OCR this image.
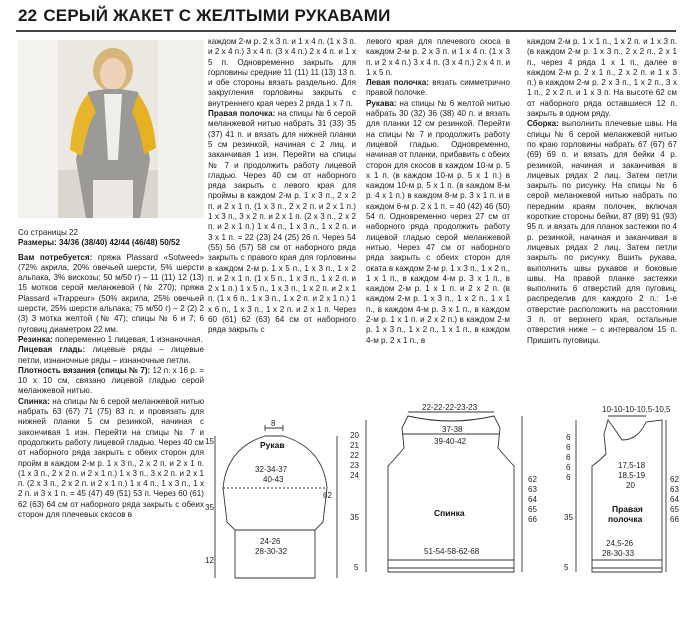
22 СЕРЫЙ ЖАКЕТ С ЖЕЛТЫМИ РУКАВАМИ

Со страницы 22

Размеры: 34/36 (38/40) 42/44 (46/48) 50/52

Вам потребуется: пряжа Plassard «Sotweed» (72% акрила, 20% овечьей шерсти, 5% шерсти альпака, 3% вискозы; 50 м/50 г) – 11 (11) 12 (13) 15 мотков серой меланжевой (№ 270); пряжа Plassard «Trappeur» (50% акрила, 25% овечьей шерсти, 25% шерсти альпака; 75 м/50 г) – 2 (2) 2 (3) 3 мотка желтой (№ 47); спицы № 6 и 7; 6 пуговиц диаметром 22 мм.

Резинка: попеременно 1 лицевая, 1 изнаночная.

Лицевая гладь: лицевые ряды – лицевые петли, изнаночные ряды – изнаночные петли.

Плотность вязания (спицы № 7): 12 п. x 16 р. = 10 x 10 см, связано лицевой гладью серой меланжевой нитью.

Спинка: на спицы № 6 серой меланжевой нитью набрать 63 (67) 71 (75) 83 п. и провязать для нижней планки 5 см резинкой, начиная с закончивая 1 изн. Перейти на спицы № 7 и продолжить работу лицевой гладью. Через 40 см от наборного ряда закрыть с обеих сторон для пройм в каждом 2-м р. 1 x 3 п., 2 x 2 п. и 2 x 1 п. (1 x 3 п., 2 x 2 п. и 2 x 1 п.) 1 x 3 п., 3 x 2 п. и 2 x 1 п. (2 x 3 п., 2 x 2 п. и 2 x 1 п.) 1 x 4 п., 1 x 3 п., 1 x 2 п. и 3 x 1 п. = 45 (47) 49 (51) 53 п. Через 60 (61) 62 (63) 64 см от наборного ряда закрыть с обеих сторон для плечевых скосов в

каждом 2-м р. 2 x 3 п. и 1 x 4 п. (1 x 3 п. и 2 x 4 п.) 3 x 4 п. (3 x 4 п.) 2 x 4 п. и 1 x 5 п. Одновременно закрыть для горловины средние 11 (11) 11 (13) 13 п. и обе стороны вязать раздельно. Для закругления горловины закрыть с внутреннего края через 2 ряда 1 x 7 п.

Правая полочка: на спицы № 6 серой меланжевой нитью набрать 31 (33) 35 (37) 41 п. и вязать для нижней планки 5 см резинкой, начиная с 2 лиц. и заканчивая 1 изн. Перейти на спицы № 7 и продолжить работу лицевой гладью. Через 40 см от наборного ряда закрыть с левого края для проймы в каждом 2-м р. 1 x 3 п., 2 x 2 п. и 2 x 1 п. (1 x 3 п., 2 x 2 п. и 2 x 1 п.) 1 x 3 п., 3 x 2 п. и 2 x 1 п. (2 x 3 п., 2 x 2 п. и 2 x 1 п.) 1 x 4 п., 1 x 3 п., 1 x 2 п. и 3 x 1 п. = 22 (23) 24 (25) 26 п. Через 54 (55) 56 (57) 58 см от наборного ряда закрыть с правого края для горловины в каждом 2-м р. 1 x 5 п., 1 x 3 п., 1 x 2 п. и 2 x 1 п. (1 x 5 п., 1 x 3 п., 1 x 2 п. и 2 x 1 п.) 1 x 5 п., 1 x 3 п., 1 x 2 п. и 2 x 1 п. (1 x 6 п., 1 x 3 п., 1 x 2 п. и 2 x 1 п.) 1 x 6 п., 1 x 3 п., 1 x 2 п. и 2 x 1 п. Через 60 (61) 62 (63) 64 см от наборного ряда закрыть с

левого края для плечевого скоса в каждом 2-м р. 2 x 3 п. и 1 x 4 п. (1 x 3 п. и 2 x 4 п.) 3 x 4 п. (3 x 4 п.) 2 x 4 п. и 1 x 5 п.

Левая полочка: вязать симметрично правой полочке.

Рукава: на спицы № 6 желтой нитью набрать 30 (32) 36 (38) 40 п. и вязать для планки 12 см резинкой. Перейти на спицы № 7 и продолжить работу лицевой гладью. Одновременно, начиная от планки, прибавить с обеих сторон для скосов в каждом 10-м р. 5 x 1 п. (в каждом 10-м р. 5 x 1 п.) в каждом 10-м р. 5 x 1 п. (в каждом 8-м р. 4 x 1 п.) в каждом 8-м р. 3 x 1 п. и в каждом 6-м р. 2 x 1 п. = 40 (42) 46 (50) 54 п. Одновременно через 27 см от наборного ряда продолжить работу лицевой гладью серой меланжевой нитью. Через 47 см от наборного ряда закрыть с обеих сторон для оката в каждом 2-м р. 1 x 3 п., 1 x 2 п., 1 x 1 п., в каждом 4-м р. 3 x 1 п., в каждом 2-м р. 1 x 1 п. и 2 x 2 п. (в каждом 2-м р. 1 x 3 п., 1 x 2 п., 1 x 1 п., в каждом 4-м р. 3 x 1 п., в каждом 2-м р. 1 x 1 п. и 2 x 2 п.) в каждом 2-м р. 1 x 3 п., 1 x 2 п., 1 x 1 п., в каждом 4-м р. 2 x 1 п., в

каждом 2-м р. 1 x 1 п., 1 x 2 п. и 1 x 3 п. (в каждом 2-м р. 1 x 3 п., 2 x 2 п., 2 x 1 п., через 4 ряда 1 x 1 п., далее в каждом 2-м р. 2 x 1 п., 2 x 2 п. и 1 x 3 п.) в каждом 2-м р. 2 x 3 п., 1 x 2 п., 3 x 1 п., 2 x 2 п. и 1 x 3 п. На высоте 62 см от наборного ряда оставшиеся 12 п. закрыть в одном ряду.

Сборка: выполнить плечевые швы. На спицы № 6 серой меланжевой нитью по краю горловины набрать 67 (67) 67 (69) 69 п. и вязать для бейки 4 р. резинкой, начиная и заканчивая в лицевых рядах 2 лиц. Затем петли закрыть по рисунку. На спицы № 6 серой меланжевой нитью набрать по передним краям полочек, включая короткие стороны бейки, 87 (89) 91 (93) 95 п. и вязать для планок застежки по 4 р. резинкой, начиная и заканчивая в лицевых рядах 2 лиц. Затем петли закрыть по рисунку. Вшить рукава, выполнить швы рукавов и боковые швы. На правой планке застежки выполнить 6 отверстий для пуговиц, распределив для каждого 2 п.: 1-е отверстие расположить на расстоянии 3 п. от верхнего края, остальные отверстия ниже – с интервалом 15 п. Пришить пуговицы.

8
Рукав
15
32-34-37
40-43
35
62
24-26
28-30-32
12
22-22-22-23-23
37-38
39-40-42
20
21
22
23
24
35	Спинка
62
63
64
65
66
51-54-58-62-68
5
10-10-10-10,5-10,5
17,5-18
18,5-19
20
6
6
6
6
6
35
Правая
полочка
62
63
64
65
66
24,5-26
28-30-33
5
